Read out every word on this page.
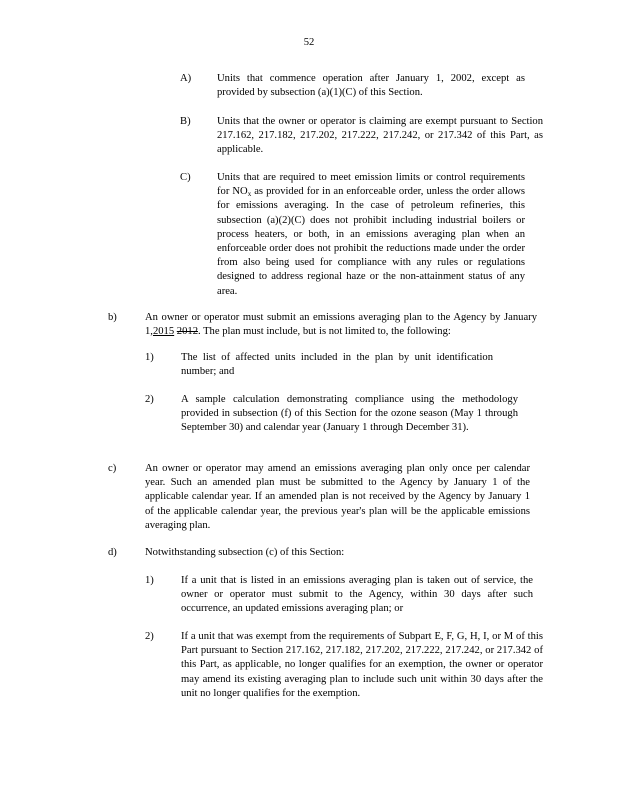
52
A) Units that commence operation after January 1, 2002, except as provided by subsection (a)(1)(C) of this Section.
B) Units that the owner or operator is claiming are exempt pursuant to Section 217.162, 217.182, 217.202, 217.222, 217.242, or 217.342 of this Part, as applicable.
C) Units that are required to meet emission limits or control requirements for $NO_x$ as provided for in an enforceable order, unless the order allows for emissions averaging. In the case of petroleum refineries, this subsection (a)(2)(C) does not prohibit including industrial boilers or process heaters, or both, in an emissions averaging plan when an enforceable order does not prohibit the reductions made under the order from also being used for compliance with any rules or regulations designed to address regional haze or the non-attainment status of any area.
b)	An owner or operator must submit an emissions averaging plan to the Agency by January 1,2015 2012. The plan must include, but is not limited to, the following:
1)	The list of affected units included in the plan by unit identification number; and
2)	A sample calculation demonstrating compliance using the methodology provided in subsection (f) of this Section for the ozone season (May 1 through September 30) and calendar year (January 1 through December 31).
c)	An owner or operator may amend an emissions averaging plan only once per calendar year. Such an amended plan must be submitted to the Agency by January 1 of the applicable calendar year. If an amended plan is not received by the Agency by January 1 of the applicable calendar year, the previous year's plan will be the applicable emissions averaging plan.
d)	Notwithstanding subsection (c) of this Section:
1)	If a unit that is listed in an emissions averaging plan is taken out of service, the owner or operator must submit to the Agency, within 30 days after such occurrence, an updated emissions averaging plan; or
2)	If a unit that was exempt from the requirements of Subpart E, F, G, H, I, or M of this Part pursuant to Section 217.162, 217.182, 217.202, 217.222, 217.242, or 217.342 of this Part, as applicable, no longer qualifies for an exemption, the owner or operator may amend its existing averaging plan to include such unit within 30 days after the unit no longer qualifies for the exemption.
